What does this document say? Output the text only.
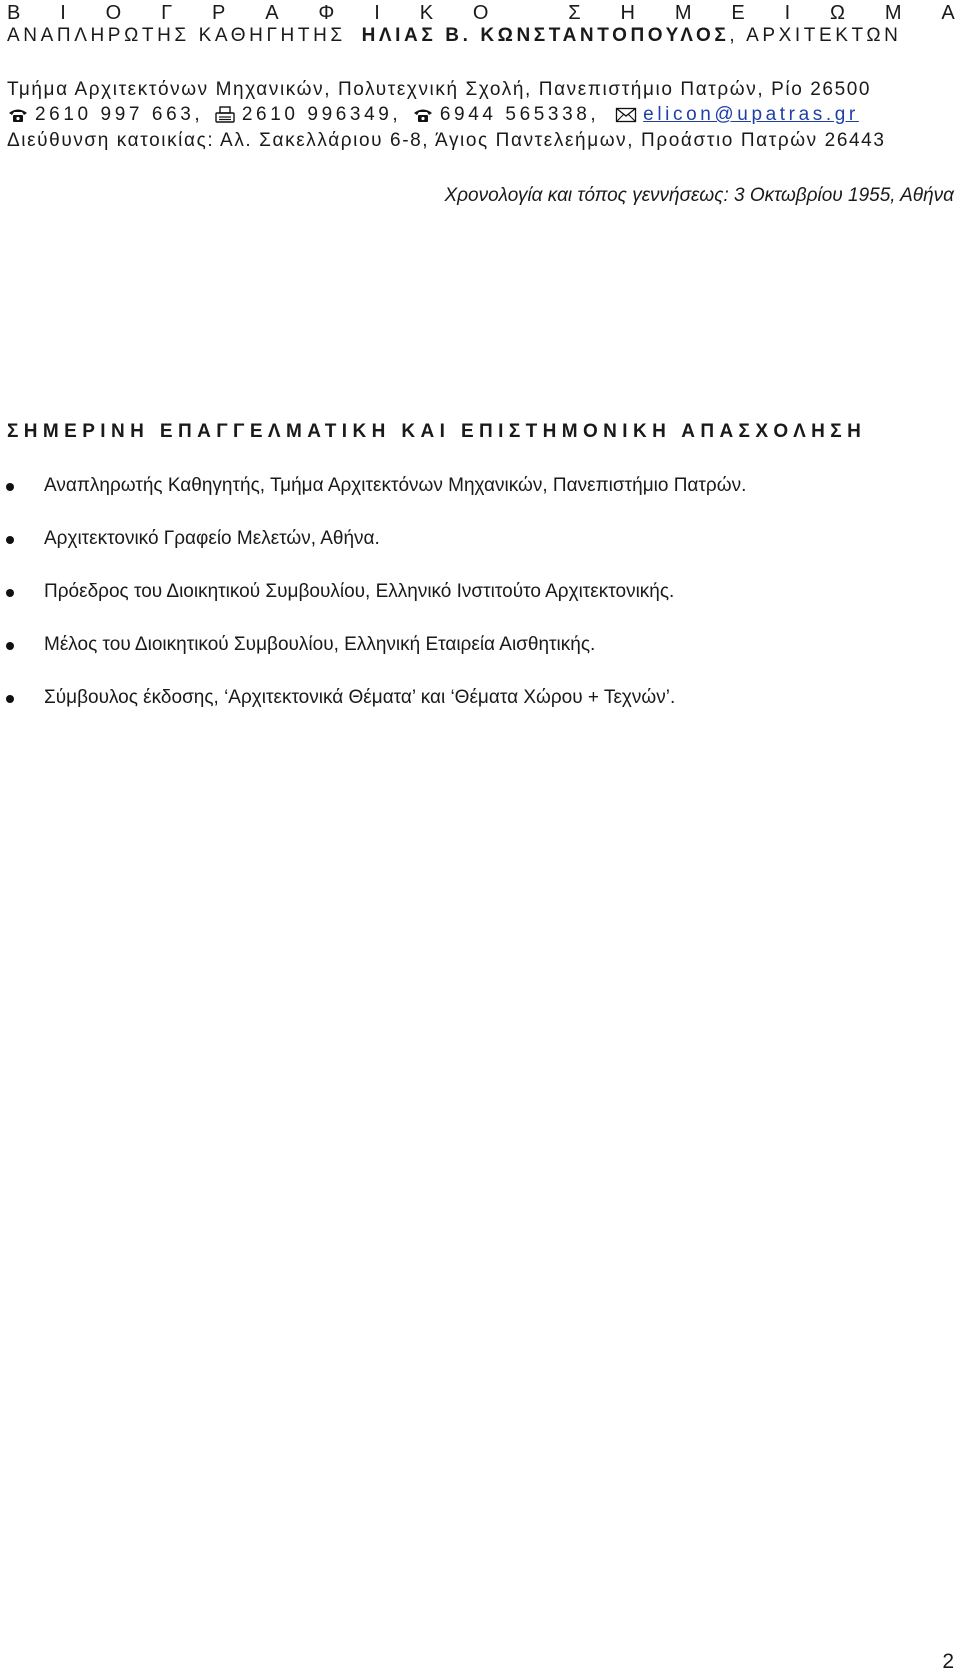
Β Ι Ο Γ Ρ Α Φ Ι Κ Ο	Σ Η Μ Ε Ι Ω Μ Α
ΑΝΑΠΛΗΡΩΤΗΣ ΚΑΘΗΓΗΤΗΣ ΗΛΙΑΣ Β. ΚΩΝΣΤΑΝΤΟΠΟΥΛΟΣ, ΑΡΧΙΤΕΚΤΩΝ
Τμήμα Αρχιτεκτόνων Μηχανικών, Πολυτεχνική Σχολή, Πανεπιστήμιο Πατρών, Ρίο 26500
2610 997 663,
2610 996349,
6944 565338,
elicon@upatras.gr
Διεύθυνση κατοικίας: Αλ. Σακελλάριου 6-8, Άγιος Παντελεήμων, Προάστιο Πατρών 26443
Χρονολογία και τόπος γεννήσεως: 3 Οκτωβρίου 1955, Αθήνα
ΣΗΜΕΡΙΝΗ ΕΠΑΓΓΕΛΜΑΤΙΚΗ ΚΑΙ ΕΠΙΣΤΗΜΟΝΙΚΗ ΑΠΑΣΧΟΛΗΣΗ
Αναπληρωτής Καθηγητής, Τμήμα Αρχιτεκτόνων Μηχανικών, Πανεπιστήμιο Πατρών.
Αρχιτεκτονικό Γραφείο Μελετών, Αθήνα.
Πρόεδρος του Διοικητικού Συμβουλίου, Ελληνικό Ινστιτούτο Αρχιτεκτονικής.
Μέλος του Διοικητικού Συμβουλίου, Ελληνική Εταιρεία Αισθητικής.
Σύμβουλος έκδοσης, ‘Αρχιτεκτονικά Θέματα’ και ‘Θέματα Χώρου + Τεχνών’.
2
